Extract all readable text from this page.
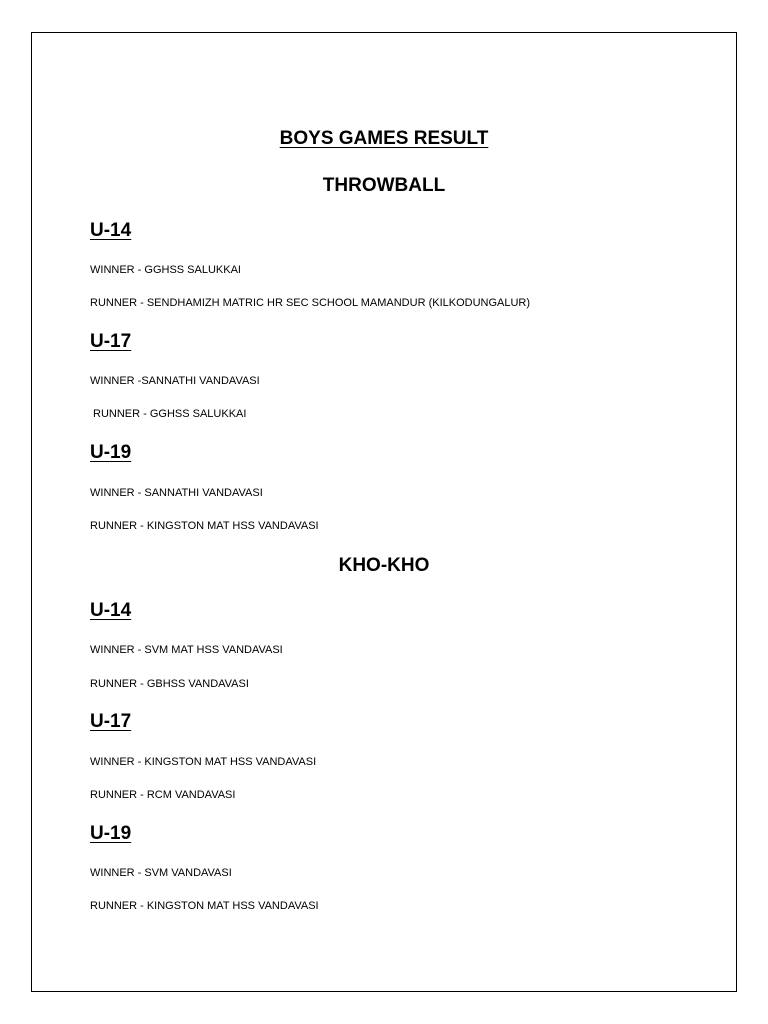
BOYS GAMES RESULT
THROWBALL
U-14
WINNER - GGHSS SALUKKAI
RUNNER - SENDHAMIZH MATRIC HR SEC SCHOOL MAMANDUR (KILKODUNGALUR)
U-17
WINNER -SANNATHI VANDAVASI
RUNNER - GGHSS SALUKKAI
U-19
WINNER - SANNATHI VANDAVASI
RUNNER - KINGSTON MAT HSS VANDAVASI
KHO-KHO
U-14
WINNER - SVM MAT HSS VANDAVASI
RUNNER - GBHSS VANDAVASI
U-17
WINNER - KINGSTON MAT HSS VANDAVASI
RUNNER - RCM VANDAVASI
U-19
WINNER - SVM VANDAVASI
RUNNER - KINGSTON MAT HSS VANDAVASI
